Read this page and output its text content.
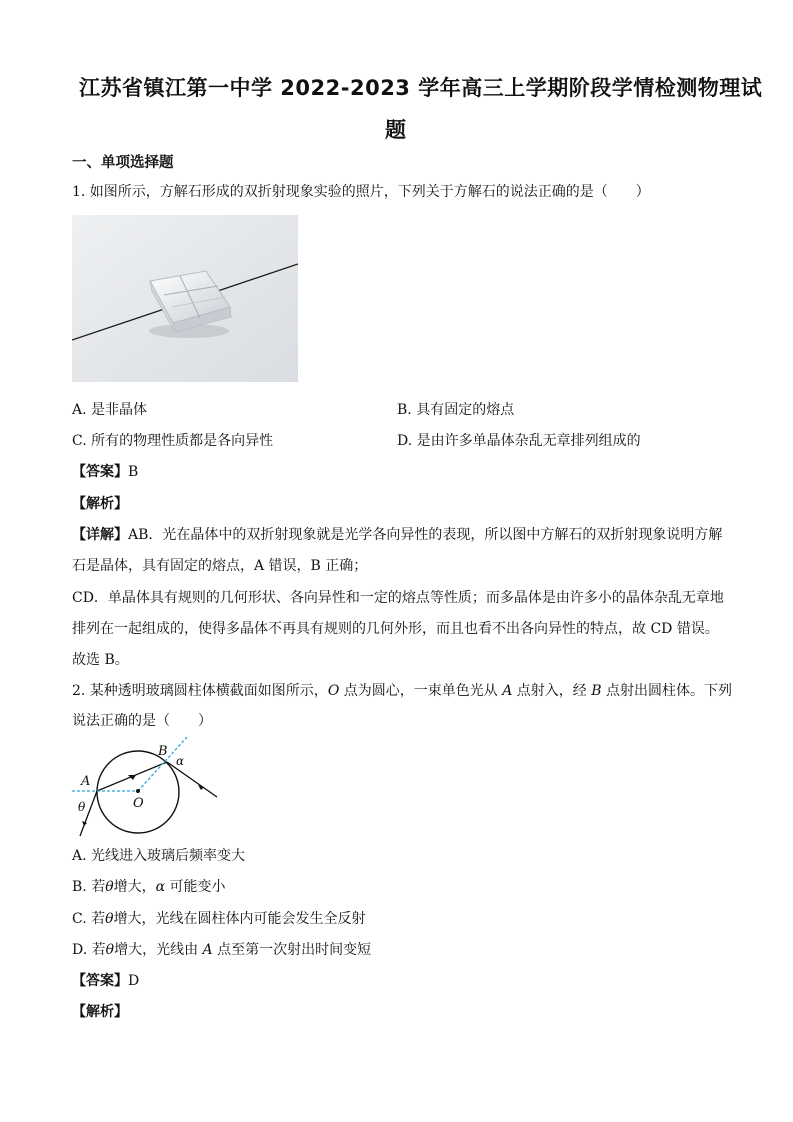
江苏省镇江第一中学 2022-2023 学年高三上学期阶段学情检测物理试
题
一、单项选择题
1. 如图所示，方解石形成的双折射现象实验的照片，下列关于方解石的说法正确的是（　　）
A. 是非晶体	B. 具有固定的熔点
C. 所有的物理性质都是各向异性	D. 是由许多单晶体杂乱无章排列组成的
【答案】B
【解析】
【详解】AB．光在晶体中的双折射现象就是光学各向异性的表现，所以图中方解石的双折射现象说明方解
石是晶体，具有固定的熔点，A 错误，B 正确；
CD．单晶体具有规则的几何形状、各向异性和一定的熔点等性质；而多晶体是由许多小的晶体杂乱无章地
排列在一起组成的，使得多晶体不再具有规则的几何外形，而且也看不出各向异性的特点，故 CD 错误。
故选 B。
2. 某种透明玻璃圆柱体横截面如图所示，O 点为圆心，一束单色光从 A 点射入，经 B 点射出圆柱体。下列
说法正确的是（　　）
A
B
O
θ
α
A. 光线进入玻璃后频率变大
B. 若θ增大，α 可能变小
C. 若θ增大，光线在圆柱体内可能会发生全反射
D. 若θ增大，光线由 A 点至第一次射出时间变短
【答案】D
【解析】
